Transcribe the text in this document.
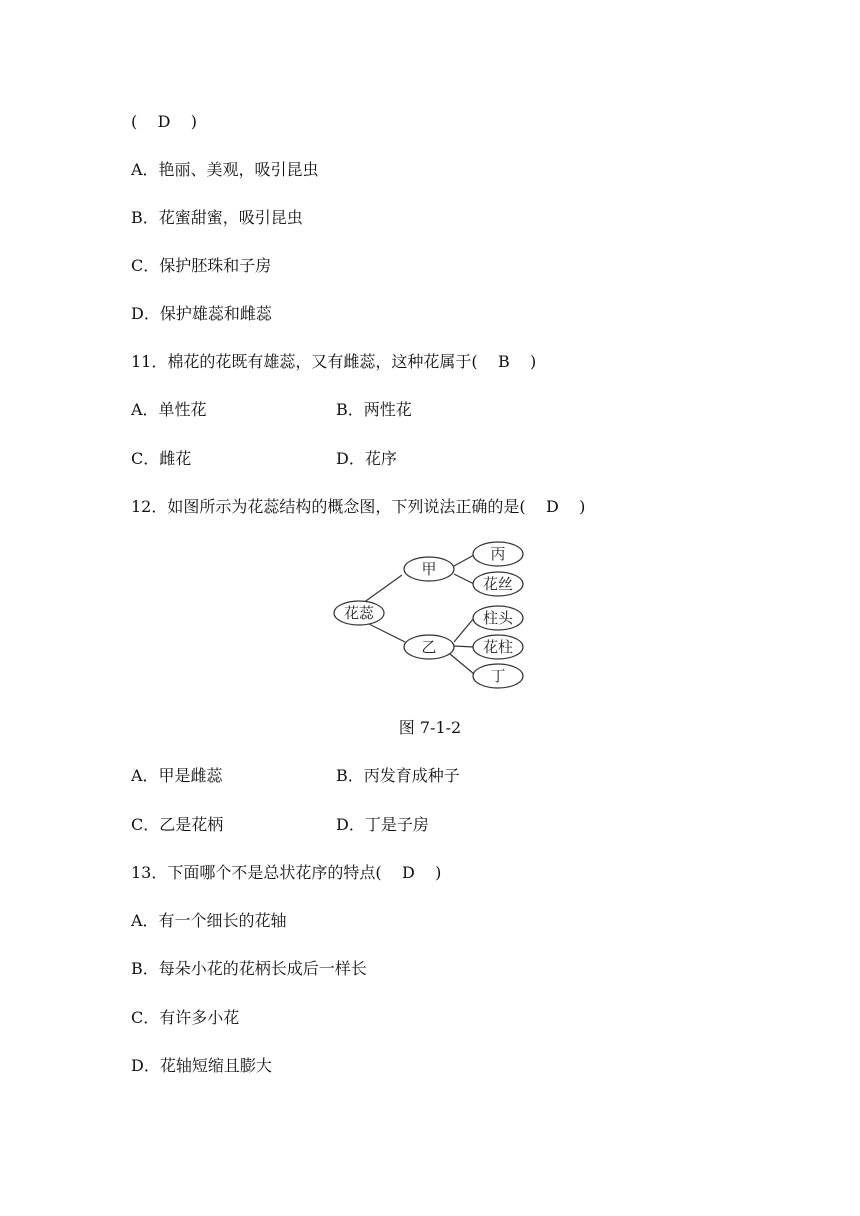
(    D    )
A．艳丽、美观，吸引昆虫
B．花蜜甜蜜，吸引昆虫
C．保护胚珠和子房
D．保护雄蕊和雌蕊
11．棉花的花既有雄蕊，又有雌蕊，这种花属于(    B    )
A．单性花	B．两性花
C．雌花	D．花序
12．如图所示为花蕊结构的概念图，下列说法正确的是(    D    )
花蕊
甲
乙
丙
花丝
柱头
花柱
丁
图 7-1-2
A．甲是雌蕊	B．丙发育成种子
C．乙是花柄	D．丁是子房
13．下面哪个不是总状花序的特点(    D    )
A．有一个细长的花轴
B．每朵小花的花柄长成后一样长
C．有许多小花
D．花轴短缩且膨大
